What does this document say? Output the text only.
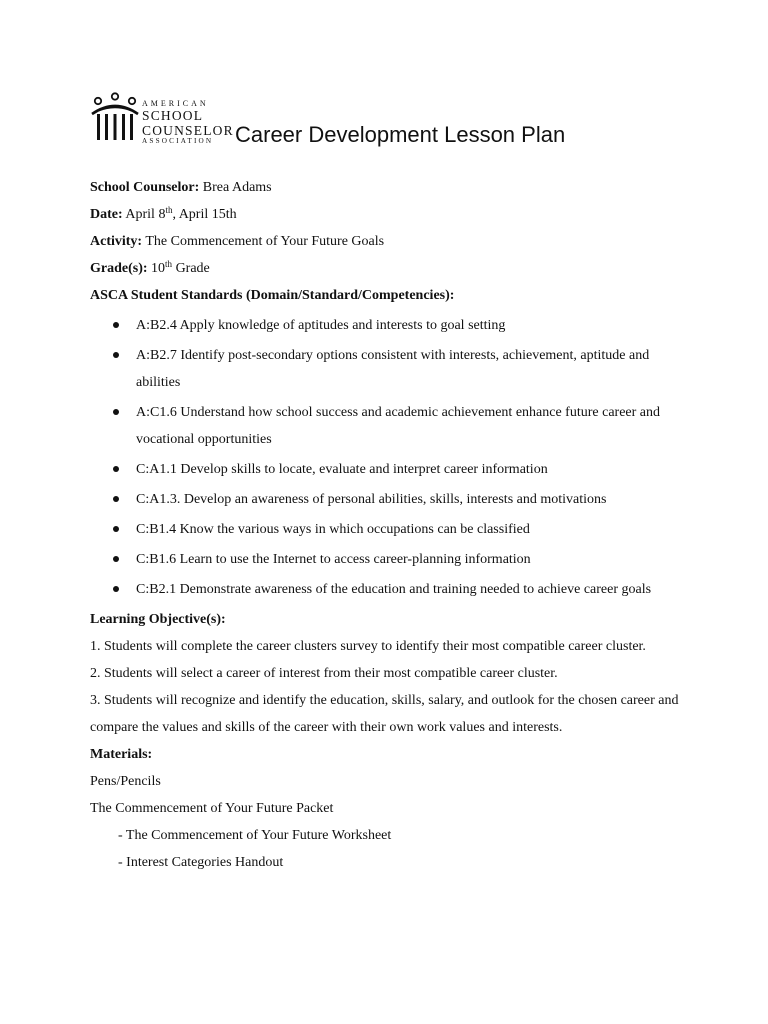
AMERICAN
SCHOOL
COUNSELOR
ASSOCIATION Career Development Lesson Plan
School Counselor: Brea Adams
Date: April 8th, April 15th
Activity: The Commencement of Your Future Goals
Grade(s): 10th Grade
ASCA Student Standards (Domain/Standard/Competencies):
A:B2.4 Apply knowledge of aptitudes and interests to goal setting
A:B2.7 Identify post-secondary options consistent with interests, achievement, aptitude and abilities
A:C1.6 Understand how school success and academic achievement enhance future career and vocational opportunities
C:A1.1 Develop skills to locate, evaluate and interpret career information
C:A1.3. Develop an awareness of personal abilities, skills, interests and motivations
C:B1.4 Know the various ways in which occupations can be classified
C:B1.6 Learn to use the Internet to access career-planning information
C:B2.1 Demonstrate awareness of the education and training needed to achieve career goals
Learning Objective(s):
1. Students will complete the career clusters survey to identify their most compatible career cluster.
2. Students will select a career of interest from their most compatible career cluster.
3. Students will recognize and identify the education, skills, salary, and outlook for the chosen career and compare the values and skills of the career with their own work values and interests.
Materials:
Pens/Pencils
The Commencement of Your Future Packet
- The Commencement of Your Future Worksheet
- Interest Categories Handout
